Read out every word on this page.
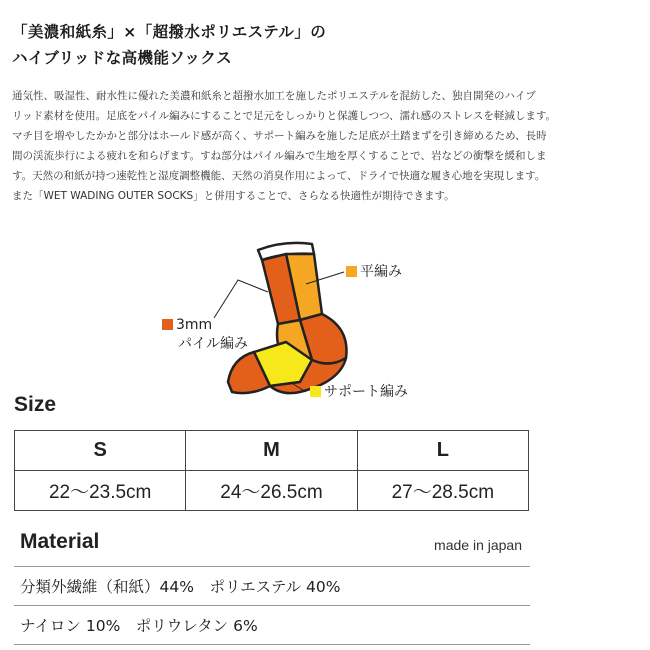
「美濃和紙糸」×「超撥水ポリエステル」の
ハイブリッドな高機能ソックス
通気性、吸湿性、耐水性に優れた美濃和紙糸と超撥水加工を施したポリエステルを混紡した、独自開発のハイブ
リッド素材を使用。足底をパイル編みにすることで足元をしっかりと保護しつつ、濡れ感のストレスを軽減します。
マチ目を増やしたかかと部分はホールド感が高く、サポート編みを施した足底が土踏まずを引き締めるため、長時
間の渓流歩行による疲れを和らげます。すね部分はパイル編みで生地を厚くすることで、岩などの衝撃を緩和しま
す。天然の和紙が持つ速乾性と湿度調整機能、天然の消臭作用によって、ドライで快適な履き心地を実現します。
また「WET WADING OUTER SOCKS」と併用することで、さらなる快適性が期待できます。
平編み
3mm
パイル編み
サポート編み
Size
S	M	L
22〜23.5cm	24〜26.5cm	27〜28.5cm
Material	made in japan
分類外繊維（和紙）44%　ポリエステル 40%
ナイロン 10%　ポリウレタン 6%
